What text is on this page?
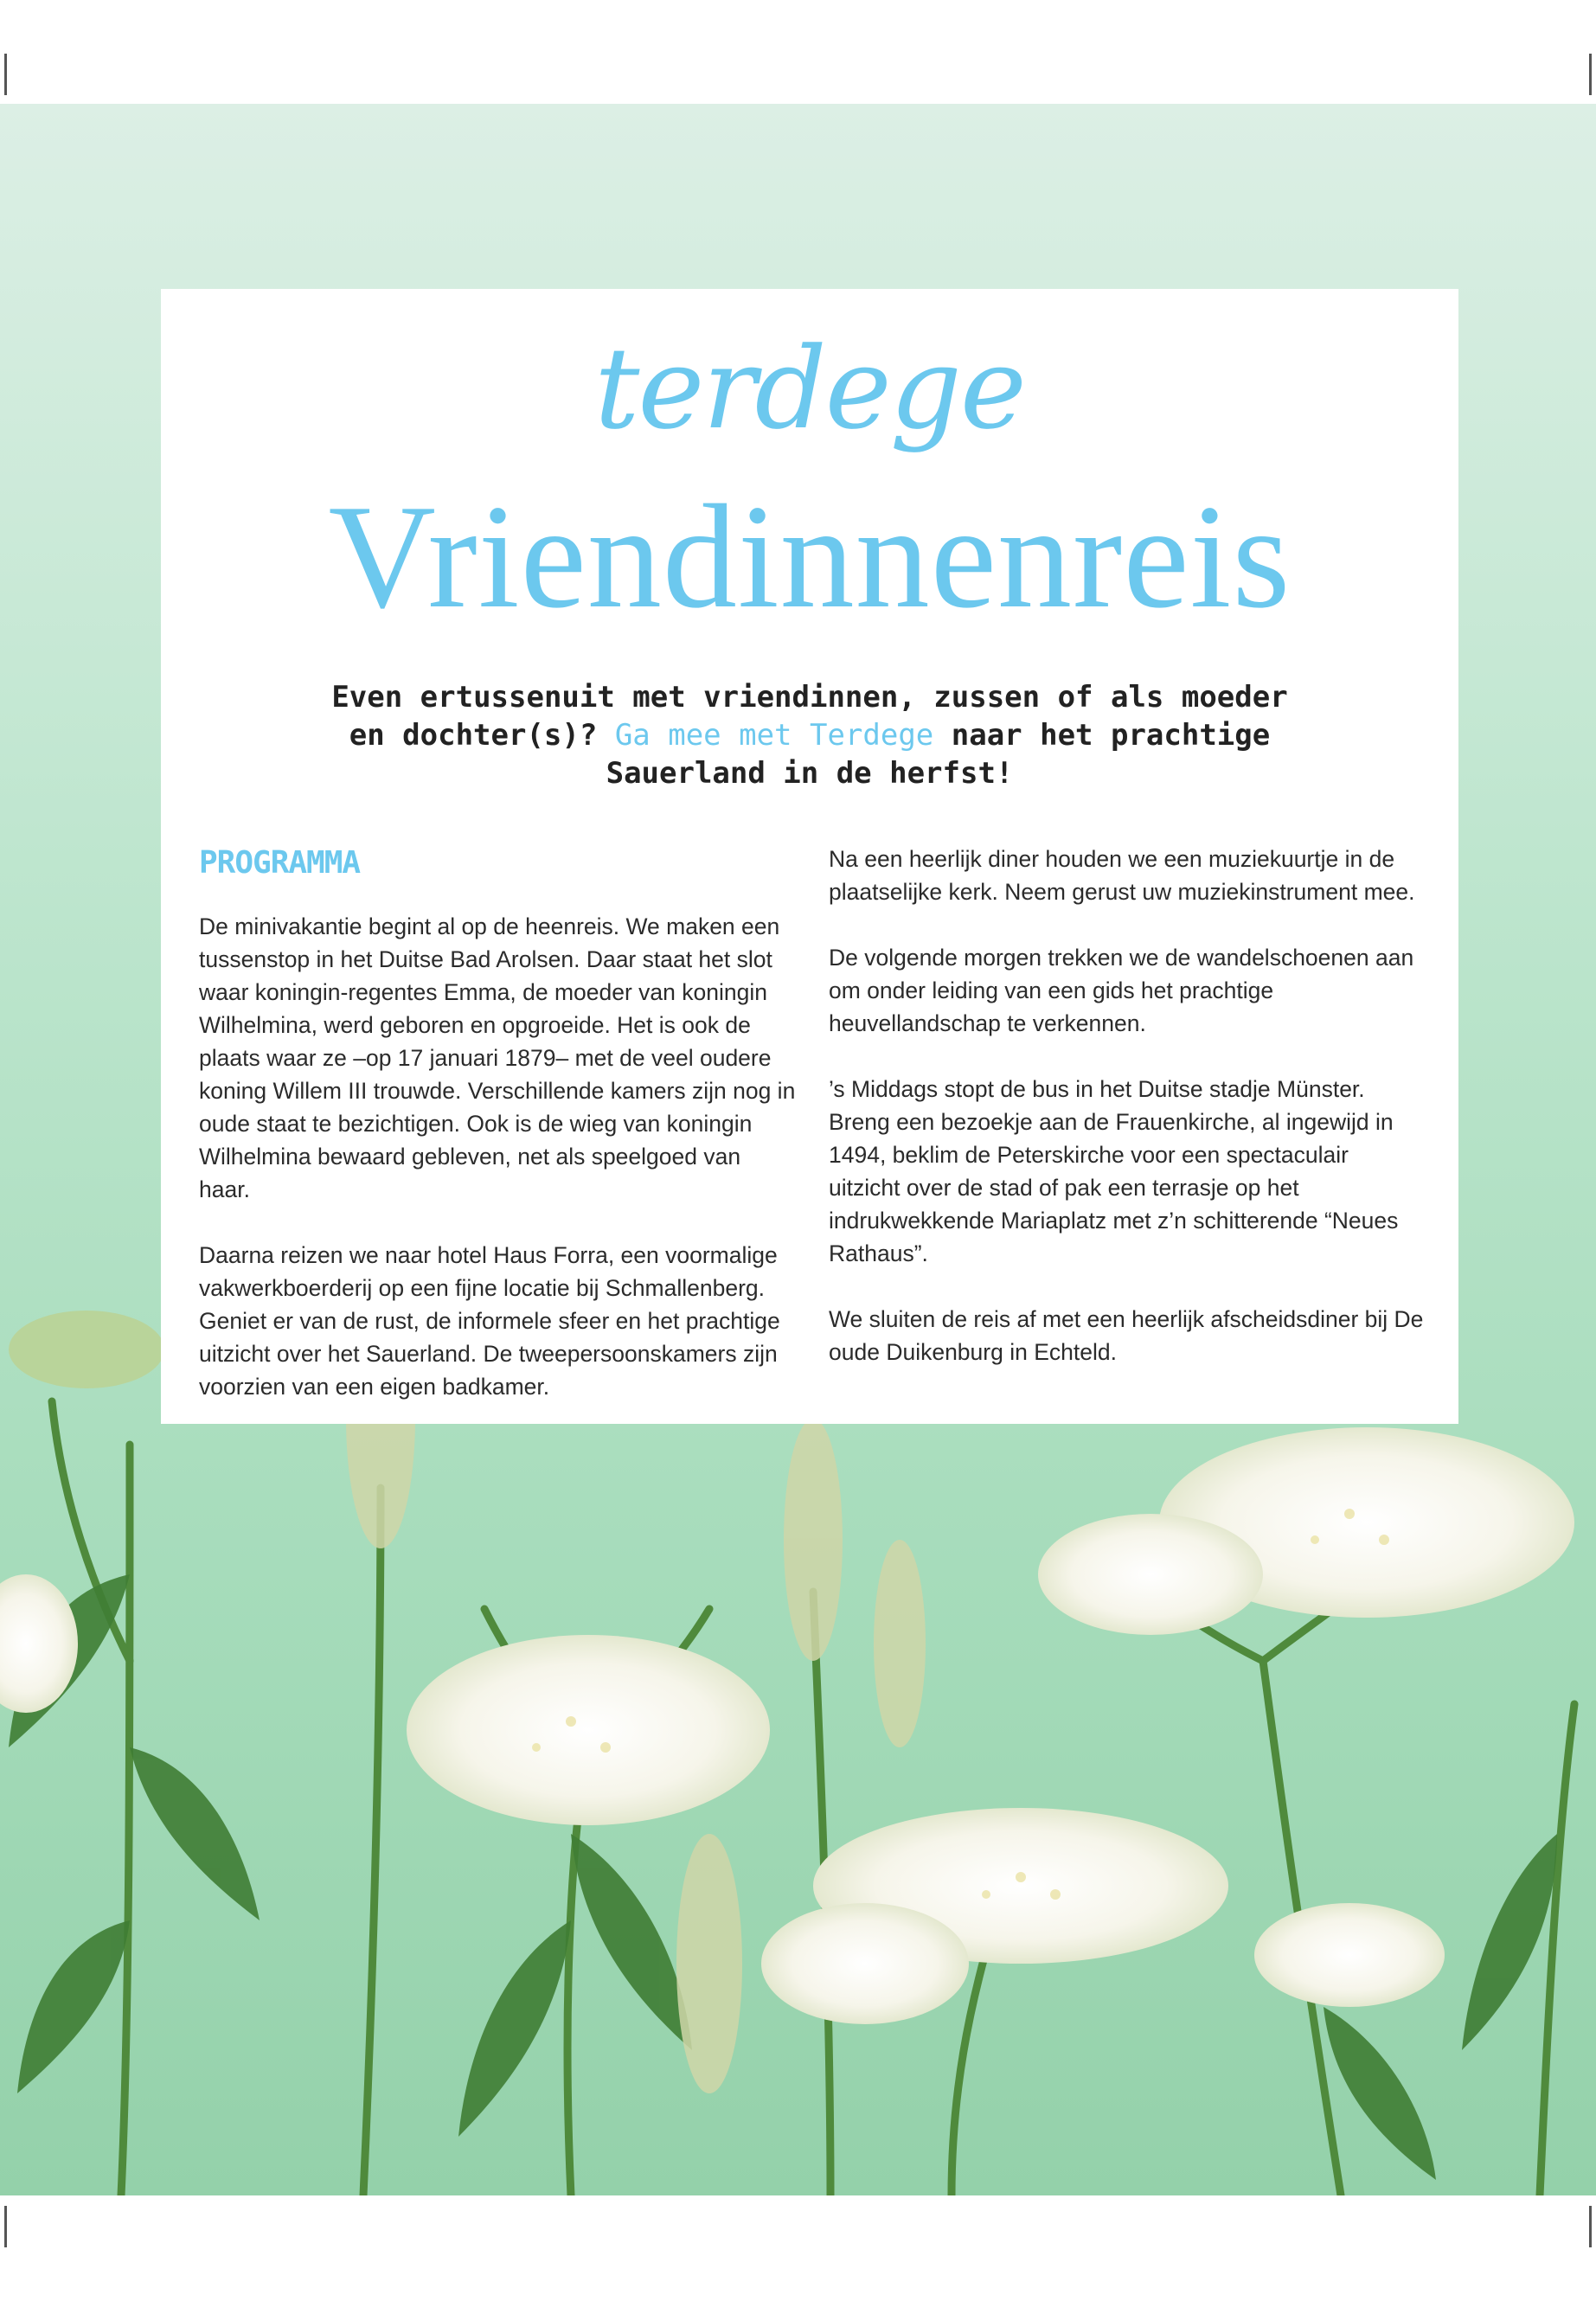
terdege
Vriendinnenreis
Even ertussenuit met vriendinnen, zussen of als moeder en dochter(s)? Ga mee met Terdege naar het prachtige Sauerland in de herfst!
PROGRAMMA

De minivakantie begint al op de heenreis. We maken een tussenstop in het Duitse Bad Arolsen. Daar staat het slot waar koningin-regentes Emma, de moeder van koningin Wilhelmina, werd geboren en opgroeide. Het is ook de plaats waar ze –op 17 januari 1879– met de veel oudere koning Willem III trouwde. Verschillende kamers zijn nog in oude staat te bezichtigen. Ook is de wieg van koningin Wilhelmina bewaard gebleven, net als speelgoed van haar.

Daarna reizen we naar hotel Haus Forra, een voormalige vakwerkboerderij op een fijne locatie bij Schmallenberg. Geniet er van de rust, de informele sfeer en het prachtige uitzicht over het Sauerland. De tweepersoonskamers zijn voorzien van een eigen badkamer.

Na een heerlijk diner houden we een muziekuurtje in de plaatselijke kerk. Neem gerust uw muziekinstrument mee.

De volgende morgen trekken we de wandelschoenen aan om onder leiding van een gids het prachtige heuvellandschap te verkennen.

’s Middags stopt de bus in het Duitse stadje Münster. Breng een bezoekje aan de Frauenkirche, al ingewijd in 1494, beklim de Peterskirche voor een spectaculair uitzicht over de stad of pak een terrasje op het indrukwekkende Mariaplatz met z’n schitterende “Neues Rathaus”.

We sluiten de reis af met een heerlijk afscheidsdiner bij De oude Duikenburg in Echteld.
